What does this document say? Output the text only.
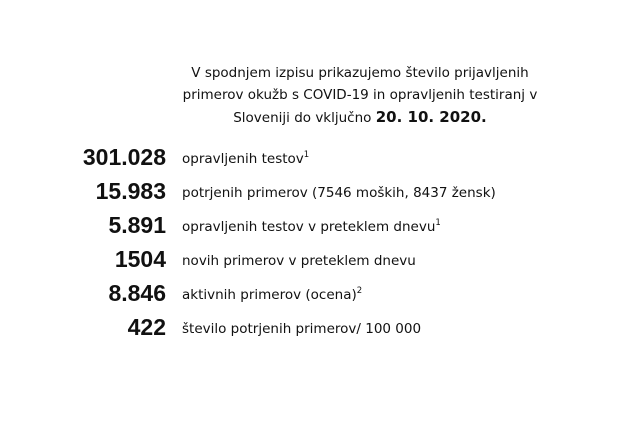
V spodnjem izpisu prikazujemo število prijavljenih
primerov okužb s COVID-19 in opravljenih testiranj v
Sloveniji do vključno 20. 10. 2020.
301.028 opravljenih testov$^1$
15.983 potrjenih primerov (7546 moških, 8437 žensk)
5.891 opravljenih testov v preteklem dnevu$^1$
1504 novih primerov v preteklem dnevu
8.846 aktivnih primerov (ocena)$^2$
422 število potrjenih primerov/ 100 000
